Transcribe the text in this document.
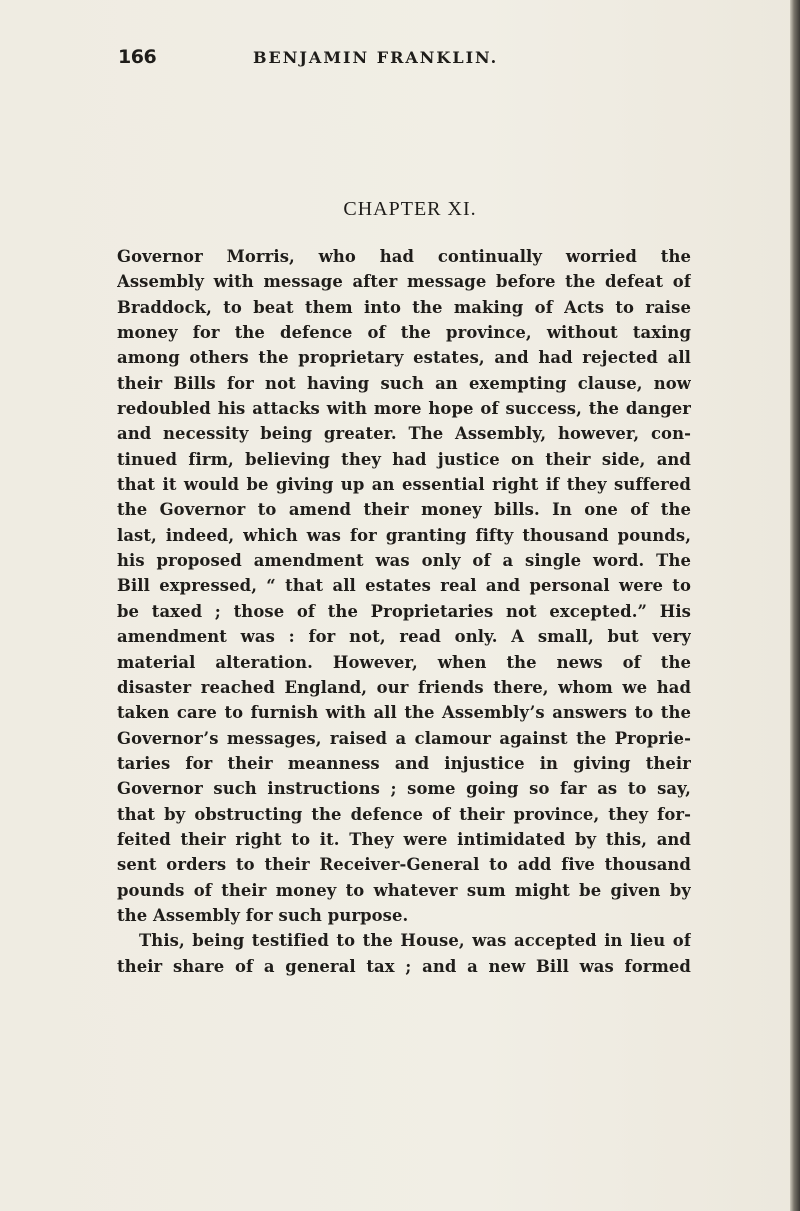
166	BENJAMIN FRANKLIN.
CHAPTER XI.
Governor Morris, who had continually worried the
Assembly with message after message before the defeat of
Braddock, to beat them into the making of Acts to raise
money for the defence of the province, without taxing
among others the proprietary estates, and had rejected all
their Bills for not having such an exempting clause, now
redoubled his attacks with more hope of success, the danger
and necessity being greater. The Assembly, however, con-
tinued firm, believing they had justice on their side, and
that it would be giving up an essential right if they suffered
the Governor to amend their money bills. In one of the
last, indeed, which was for granting fifty thousand pounds,
his proposed amendment was only of a single word. The
Bill expressed, “ that all estates real and personal were to
be taxed ; those of the Proprietaries not excepted.” His
amendment was : for not, read only. A small, but very
material alteration. However, when the news of the
disaster reached England, our friends there, whom we had
taken care to furnish with all the Assembly’s answers to the
Governor’s messages, raised a clamour against the Proprie-
taries for their meanness and injustice in giving their
Governor such instructions ; some going so far as to say,
that by obstructing the defence of their province, they for-
feited their right to it. They were intimidated by this, and
sent orders to their Receiver-General to add five thousand
pounds of their money to whatever sum might be given by
the Assembly for such purpose.
This, being testified to the House, was accepted in lieu of
their share of a general tax ; and a new Bill was formed
